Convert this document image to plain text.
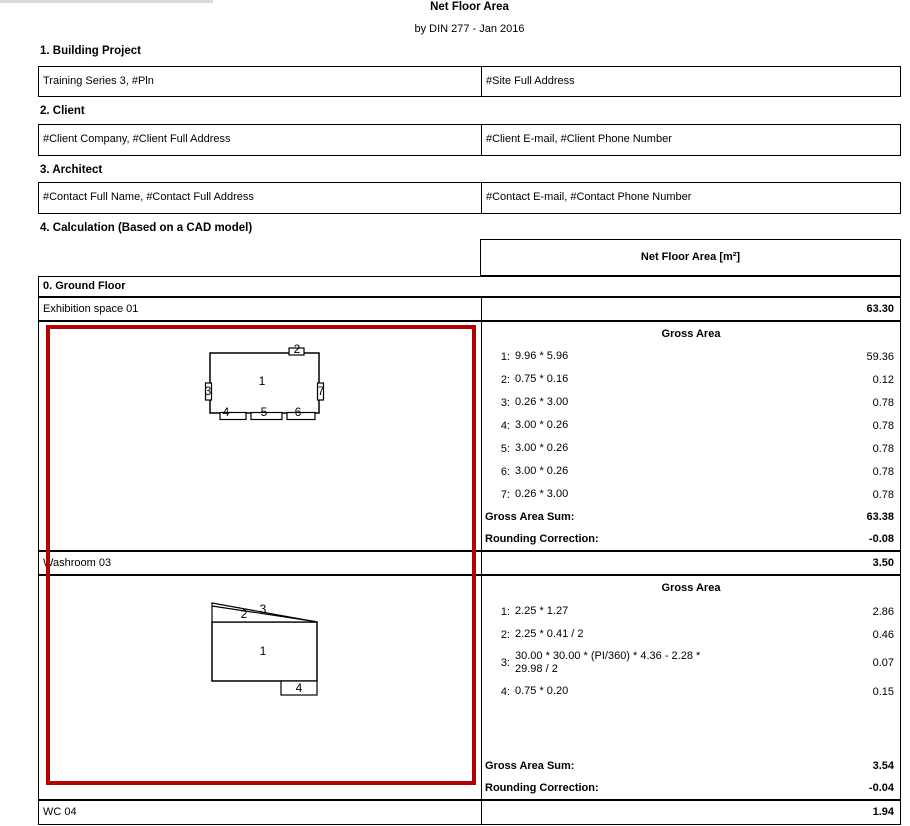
Net Floor Area
by DIN 277 - Jan 2016
1. Building Project
Training Series 3, #Pln	#Site Full Address
2. Client
#Client Company, #Client Full Address	#Client E-mail, #Client Phone Number
3. Architect
#Contact Full Name, #Contact Full Address	#Contact E-mail, #Contact Phone Number
4. Calculation (Based on a CAD model)
Net Floor Area [m²]
0. Ground Floor
Exhibition space 01	63.30
1
2
3
4	5 6
7
Gross Area
1: 9.96 * 5.96	59.36
2: 0.75 * 0.16	0.12
3: 0.26 * 3.00	0.78
4: 3.00 * 0.26	0.78
5: 3.00 * 0.26	0.78
6: 3.00 * 0.26	0.78
7: 0.26 * 3.00	0.78
Gross Area Sum:	63.38
Rounding Correction:	-0.08
Washroom 03	3.50
1
2 3
4
Gross Area
1: 2.25 * 1.27	2.86
2: 2.25 * 0.41 / 2	0.46
3:
30.00 * 30.00 * (PI/360) * 4.36 - 2.28 *
29.98 / 2	0.07
4: 0.75 * 0.20	0.15
Gross Area Sum:	3.54
Rounding Correction:	-0.04
WC 04	1.94
